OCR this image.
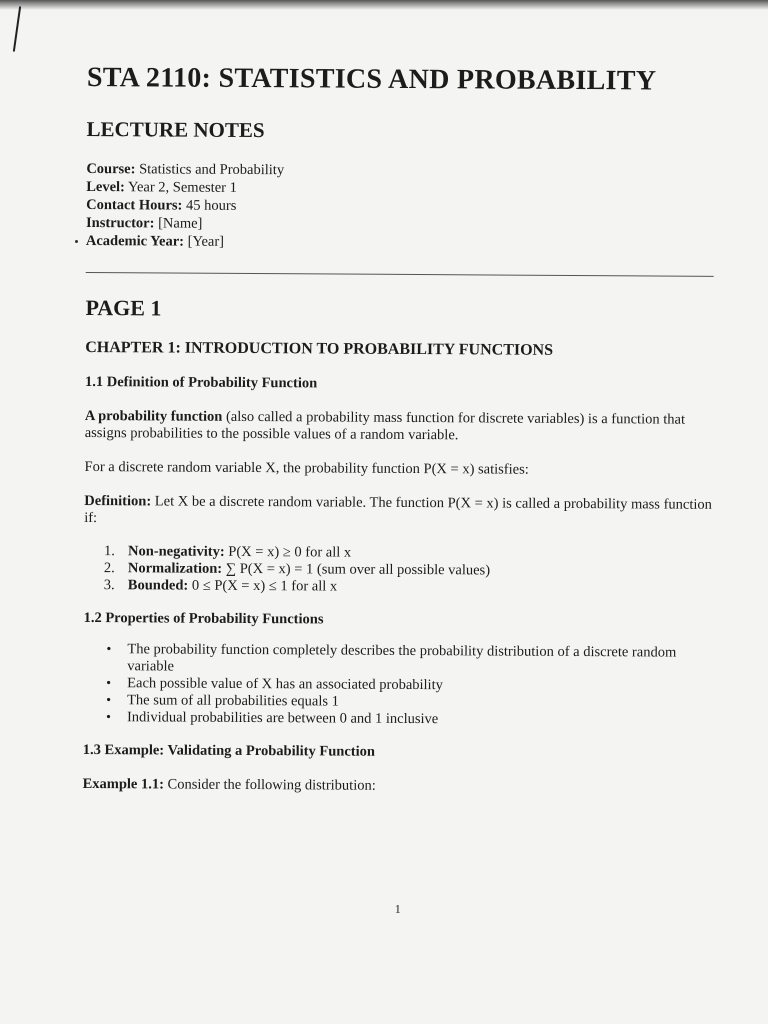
STA 2110: STATISTICS AND PROBABILITY
LECTURE NOTES
Course: Statistics and Probability
Level: Year 2, Semester 1
Contact Hours: 45 hours
Instructor: [Name]
Academic Year: [Year]
PAGE 1
CHAPTER 1: INTRODUCTION TO PROBABILITY FUNCTIONS
1.1 Definition of Probability Function

A probability function (also called a probability mass function for discrete variables) is a function that assigns probabilities to the possible values of a random variable.

For a discrete random variable X, the probability function P(X = x) satisfies:

Definition: Let X be a discrete random variable. The function P(X = x) is called a probability mass function if:

1. Non-negativity: P(X = x) ≥ 0 for all x
2. Normalization: ∑ P(X = x) = 1 (sum over all possible values)
3. Bounded: 0 ≤ P(X = x) ≤ 1 for all x
1.2 Properties of Probability Functions
• The probability function completely describes the probability distribution of a discrete random variable
• Each possible value of X has an associated probability
• The sum of all probabilities equals 1
• Individual probabilities are between 0 and 1 inclusive
1.3 Example: Validating a Probability Function

Example 1.1: Consider the following distribution:

1
